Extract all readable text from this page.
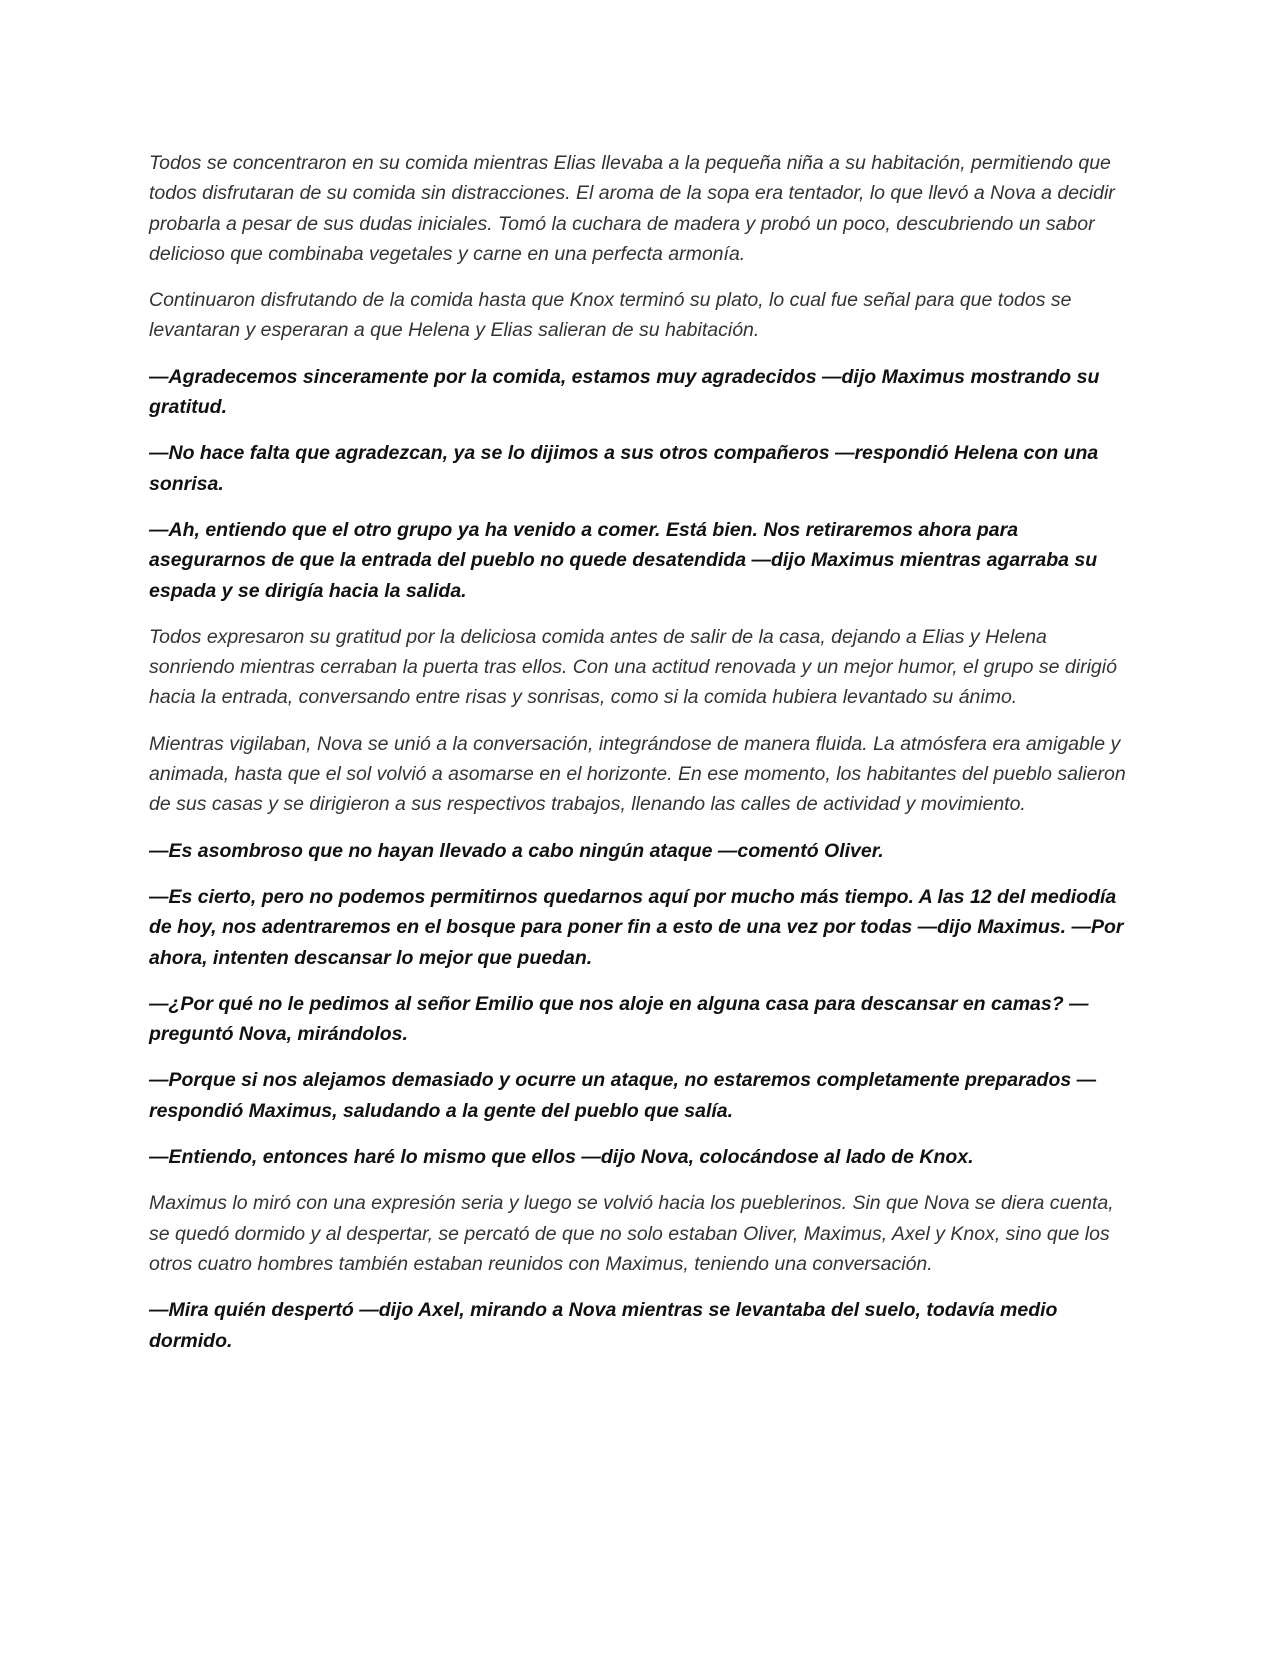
Todos se concentraron en su comida mientras Elias llevaba a la pequeña niña a su habitación, permitiendo que todos disfrutaran de su comida sin distracciones. El aroma de la sopa era tentador, lo que llevó a Nova a decidir probarla a pesar de sus dudas iniciales. Tomó la cuchara de madera y probó un poco, descubriendo un sabor delicioso que combinaba vegetales y carne en una perfecta armonía.

Continuaron disfrutando de la comida hasta que Knox terminó su plato, lo cual fue señal para que todos se levantaran y esperaran a que Helena y Elias salieran de su habitación.

—Agradecemos sinceramente por la comida, estamos muy agradecidos —dijo Maximus mostrando su gratitud.

—No hace falta que agradezcan, ya se lo dijimos a sus otros compañeros —respondió Helena con una sonrisa.

—Ah, entiendo que el otro grupo ya ha venido a comer. Está bien. Nos retiraremos ahora para asegurarnos de que la entrada del pueblo no quede desatendida —dijo Maximus mientras agarraba su espada y se dirigía hacia la salida.

Todos expresaron su gratitud por la deliciosa comida antes de salir de la casa, dejando a Elias y Helena sonriendo mientras cerraban la puerta tras ellos. Con una actitud renovada y un mejor humor, el grupo se dirigió hacia la entrada, conversando entre risas y sonrisas, como si la comida hubiera levantado su ánimo.

Mientras vigilaban, Nova se unió a la conversación, integrándose de manera fluida. La atmósfera era amigable y animada, hasta que el sol volvió a asomarse en el horizonte. En ese momento, los habitantes del pueblo salieron de sus casas y se dirigieron a sus respectivos trabajos, llenando las calles de actividad y movimiento.

—Es asombroso que no hayan llevado a cabo ningún ataque —comentó Oliver.

—Es cierto, pero no podemos permitirnos quedarnos aquí por mucho más tiempo. A las 12 del mediodía de hoy, nos adentraremos en el bosque para poner fin a esto de una vez por todas —dijo Maximus. —Por ahora, intenten descansar lo mejor que puedan.

—¿Por qué no le pedimos al señor Emilio que nos aloje en alguna casa para descansar en camas? —preguntó Nova, mirándolos.

—Porque si nos alejamos demasiado y ocurre un ataque, no estaremos completamente preparados —respondió Maximus, saludando a la gente del pueblo que salía.

—Entiendo, entonces haré lo mismo que ellos —dijo Nova, colocándose al lado de Knox.

Maximus lo miró con una expresión seria y luego se volvió hacia los pueblerinos. Sin que Nova se diera cuenta, se quedó dormido y al despertar, se percató de que no solo estaban Oliver, Maximus, Axel y Knox, sino que los otros cuatro hombres también estaban reunidos con Maximus, teniendo una conversación.

—Mira quién despertó —dijo Axel, mirando a Nova mientras se levantaba del suelo, todavía medio dormido.
